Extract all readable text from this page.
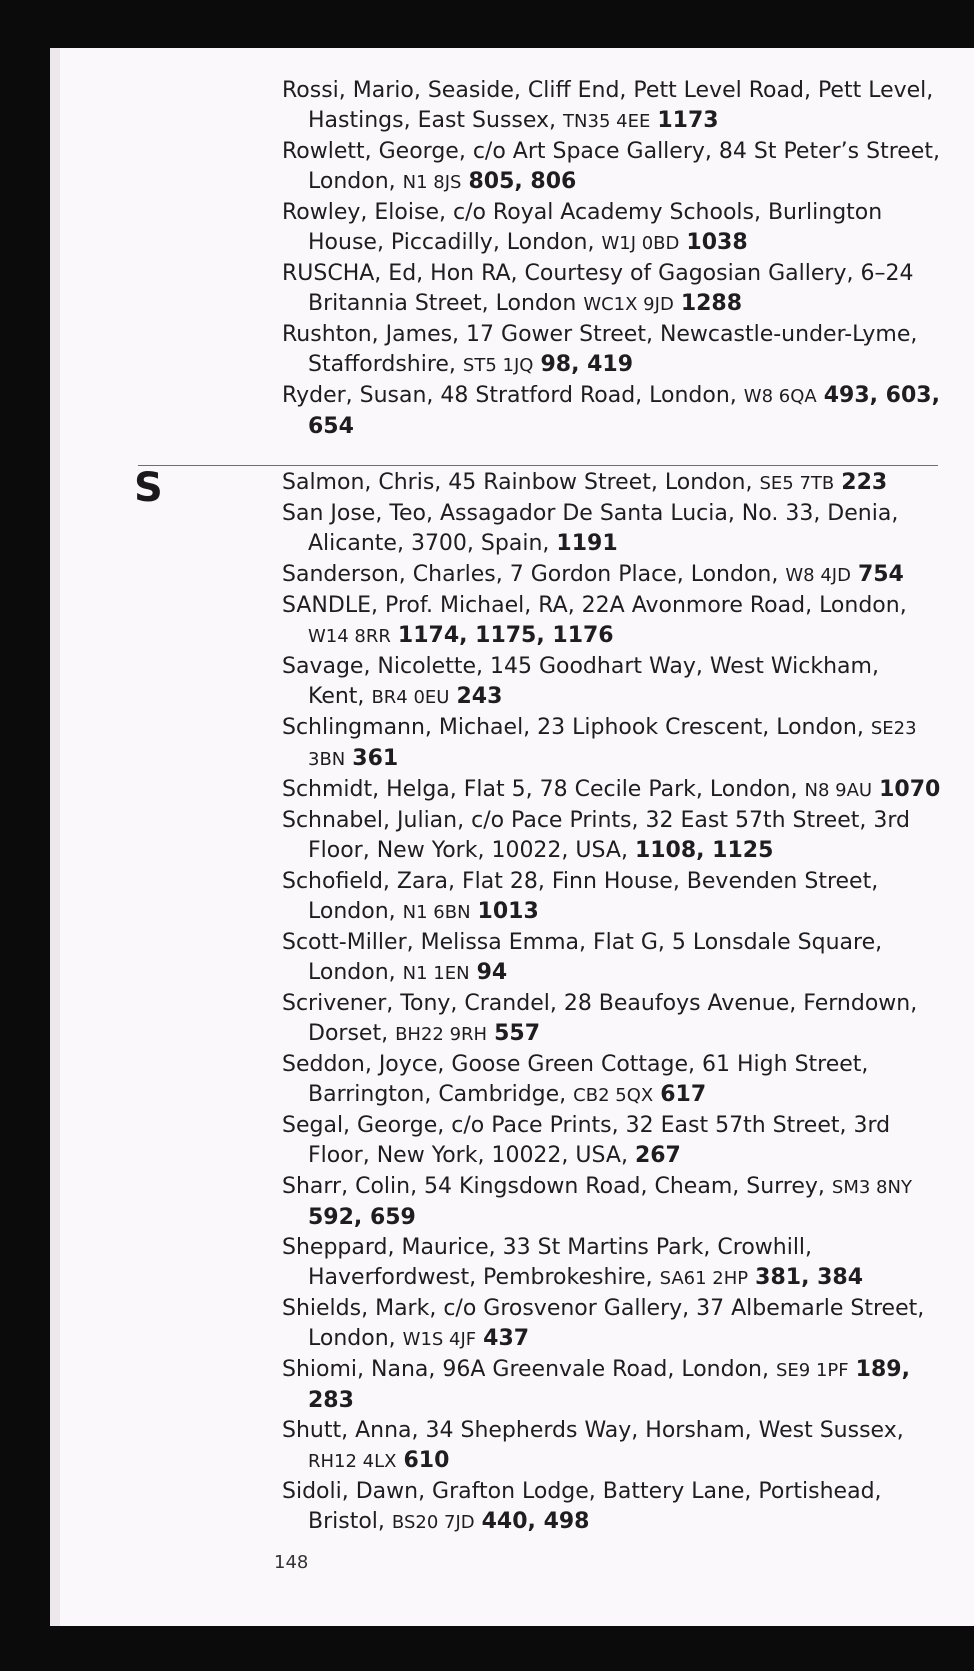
Rossi, Mario, Seaside, Cliff End, Pett Level Road, Pett Level, Hastings, East Sussex, TN35 4EE 1173

Rowlett, George, c/o Art Space Gallery, 84 St Peter’s Street, London, N1 8JS 805, 806

Rowley, Eloise, c/o Royal Academy Schools, Burlington House, Piccadilly, London, W1J 0BD 1038

RUSCHA, Ed, Hon RA, Courtesy of Gagosian Gallery, 6–24 Britannia Street, London WC1X 9JD 1288

Rushton, James, 17 Gower Street, Newcastle-under-Lyme, Staffordshire, ST5 1JQ 98, 419

Ryder, Susan, 48 Stratford Road, London, W8 6QA 493, 603, 654

S	Salmon, Chris, 45 Rainbow Street, London, SE5 7TB 223

San Jose, Teo, Assagador De Santa Lucia, No. 33, Denia, Alicante, 3700, Spain, 1191

Sanderson, Charles, 7 Gordon Place, London, W8 4JD 754

SANDLE, Prof. Michael, RA, 22A Avonmore Road, London, W14 8RR 1174, 1175, 1176

Savage, Nicolette, 145 Goodhart Way, West Wickham, Kent, BR4 0EU 243

Schlingmann, Michael, 23 Liphook Crescent, London, SE23 3BN 361

Schmidt, Helga, Flat 5, 78 Cecile Park, London, N8 9AU 1070

Schnabel, Julian, c/o Pace Prints, 32 East 57th Street, 3rd Floor, New York, 10022, USA, 1108, 1125

Schofield, Zara, Flat 28, Finn House, Bevenden Street, London, N1 6BN 1013

Scott-Miller, Melissa Emma, Flat G, 5 Lonsdale Square, London, N1 1EN 94

Scrivener, Tony, Crandel, 28 Beaufoys Avenue, Ferndown, Dorset, BH22 9RH 557

Seddon, Joyce, Goose Green Cottage, 61 High Street, Barrington, Cambridge, CB2 5QX 617

Segal, George, c/o Pace Prints, 32 East 57th Street, 3rd Floor, New York, 10022, USA, 267

Sharr, Colin, 54 Kingsdown Road, Cheam, Surrey, SM3 8NY 592, 659

Sheppard, Maurice, 33 St Martins Park, Crowhill, Haverfordwest, Pembrokeshire, SA61 2HP 381, 384

Shields, Mark, c/o Grosvenor Gallery, 37 Albemarle Street, London, W1S 4JF 437

Shiomi, Nana, 96A Greenvale Road, London, SE9 1PF 189, 283

Shutt, Anna, 34 Shepherds Way, Horsham, West Sussex, RH12 4LX 610

Sidoli, Dawn, Grafton Lodge, Battery Lane, Portishead, Bristol, BS20 7JD 440, 498

148
